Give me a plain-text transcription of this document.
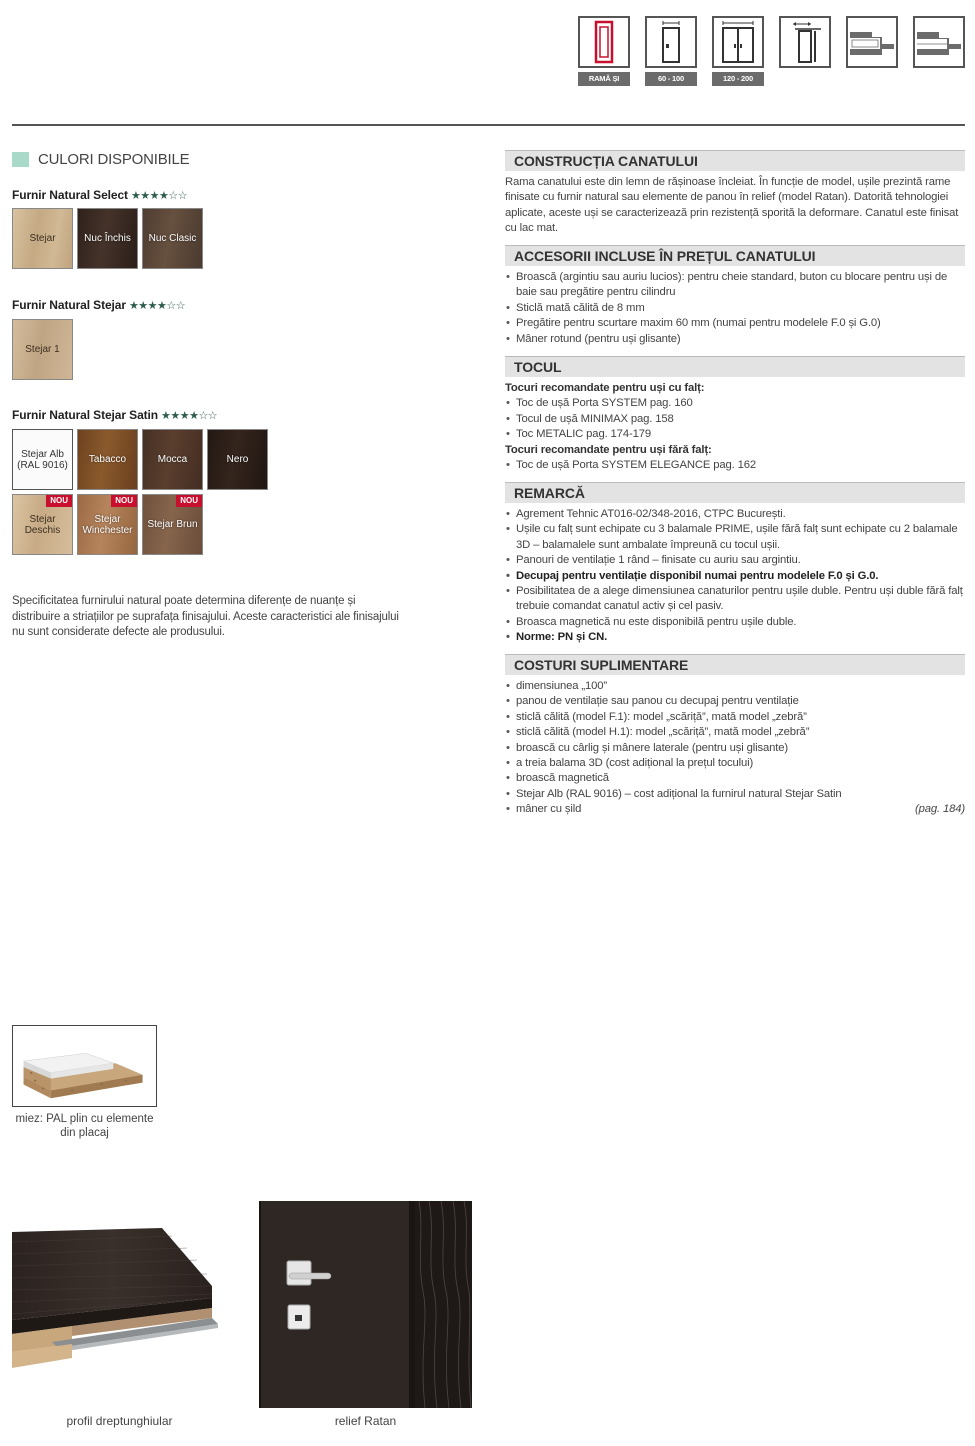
RAMĂ ȘI PANOU
60 - 100	120 - 200
CULORI DISPONIBILE
Furnir Natural Select ★★★★☆☆
Stejar	Nuc Închis Nuc Clasic
Furnir Natural Stejar ★★★★☆☆
Stejar 1
Furnir Natural Stejar Satin ★★★★☆☆
Stejar Alb (RAL 9016)	Tabacco	Mocca	Nero
Stejar Deschis
NOU
Stejar Winchester
NOU
Stejar Brun
NOU
Specificitatea furnirului natural poate determina diferențe de nuanțe și distribuire a striațiilor pe suprafața finisajului. Aceste caracteristici ale finisajului nu sunt considerate defecte ale produsului.
miez: PAL plin cu elemente din placaj
profil dreptunghiular	relief Ratan
CONSTRUCȚIA CANATULUI
Rama canatului este din lemn de rășinoase încleiat. În funcție de model, ușile prezintă rame finisate cu furnir natural sau elemente de panou în relief (model Ratan). Datorită tehnologiei aplicate, aceste uși se caracterizează prin rezistență sporită la deformare. Canatul este finisat cu lac mat.
ACCESORII INCLUSE ÎN PREȚUL CANATULUI
• Broască (argintiu sau auriu lucios): pentru cheie standard, buton cu blocare pentru uși de baie sau pregătire pentru cilindru
• Sticlă mată călită de 8 mm
• Pregătire pentru scurtare maxim 60 mm (numai pentru modelele F.0 și G.0)
• Mâner rotund (pentru uși glisante)
TOCUL
Tocuri recomandate pentru uși cu falț:
• Toc de ușă Porta SYSTEM pag. 160
• Tocul de ușă MINIMAX pag. 158
• Toc METALIC pag. 174-179
Tocuri recomandate pentru uși fără falț:
• Toc de ușă Porta SYSTEM ELEGANCE pag. 162
REMARCĂ
• Agrement Tehnic AT016-02/348-2016, CTPC București.
• Ușile cu falț sunt echipate cu 3 balamale PRIME, ușile fără falț sunt echipate cu 2 balamale 3D – balamalele sunt ambalate împreună cu tocul ușii.
• Panouri de ventilație 1 rând – finisate cu auriu sau argintiu.
• Decupaj pentru ventilație disponibil numai pentru modelele F.0 și G.0.
• Posibilitatea de a alege dimensiunea canaturilor pentru ușile duble. Pentru uși duble fără falț trebuie comandat canatul activ și cel pasiv.
• Broasca magnetică nu este disponibilă pentru ușile duble.
• Norme: PN și CN.
COSTURI SUPLIMENTARE
• dimensiunea „100”
• panou de ventilație sau panou cu decupaj pentru ventilație
• sticlă călită (model F.1): model „scăriță”, mată model „zebră”
• sticlă călită (model H.1): model „scăriță”, mată model „zebră”
• broască cu cârlig și mânere laterale (pentru uși glisante)
• a treia balama 3D (cost adițional la prețul tocului)
• broască magnetică
• Stejar Alb (RAL 9016) – cost adițional la furnirul natural Stejar Satin
• mâner cu șild	(pag. 184)
